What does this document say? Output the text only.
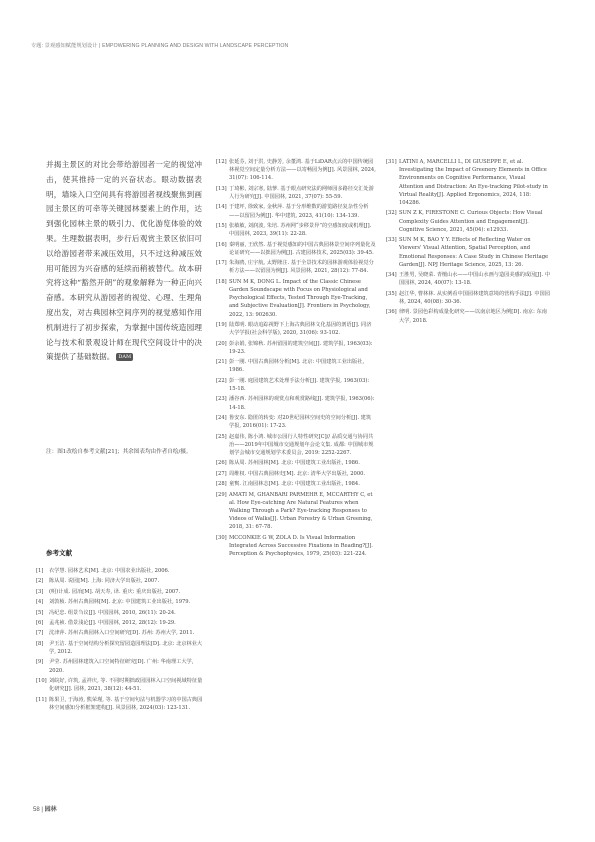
专题: 景观感知赋能规划设计 | EMPOWERING PLANNING AND DESIGN WITH LANDSCAPE PERCEPTION
并揭主景区的对比会带给游园者一定的视觉冲击，使其推持一定的兴奋状态。眼动数据表明，墙垛入口空间具有将游园者视线聚焦到画园主景区的可牵等关键园林要素上的作用，达到强化园林主景的吸引力、优化游览体验的效果。生理数据表明，步行后观赏主景区依旧可以给游园者带来减压效用，只不过这种减压效用可能因为兴奋感的延续而稍被替代。故本研究将这种“豁然开朗”的观象解释为一种正向兴奋感。本研究从游园者的视觉、心理、生理角度出发，对古典园林空间序列的视觉感知作用机制进行了初步探索，为掌握中国传统造园理论与技术和景观设计师在现代空间设计中的决策提供了基础数据。 DAM
注：图1改绘自参考文献[21]；其余图表均由作者自绘/摄。
参考文献
[1]	衣学慧. 园林艺术[M]. 北京: 中国农业出版社, 2006.
[2]	陈从周. 说园[M]. 上海: 同济大学出版社, 2007.
[3]	(明)计成. 园冶[M]. 胡天寿, 译. 重庆: 重庆出版社, 2007.
[4]	刘敦桢. 苏州古典园林[M]. 北京: 中国建筑工业出版社, 1979.
[5]	冯纪忠. 组景刍议[J]. 中国园林, 2010, 26(11): 20-24.
[6]	孟兆祯. 借景浅论[J]. 中国园林, 2012, 28(12): 19-29.
[7]	沈津萍. 苏州古典园林入口空间研究[D]. 苏州: 苏州大学, 2011.
[8]	尹玉洁. 基于空间结构分析探究留园造园理法[D]. 北京: 北京林业大学, 2012.
[9]	尹莹. 苏州园林建筑入口空间特征研究[D]. 广州: 华南理工大学, 2020.
[10] 刘皖好, 许筑, 孟祥庆, 等. 不同时期拙政园园林入口空间视域特征量化研究[J]. 园林, 2021, 38(12): 44-51.
[11] 陈果卫, 于海涛, 熊荣瑾, 等. 基于空间句法与机器学习的中国古典园林空间感知分析框架建构[J]. 风景园林, 2024(03): 123-131.
[12] 张延芬, 刘于洪, 史静芳, 余董鸿. 基于LiDAR点云的中国传统园林视觉空间定量分析方法——以寄畅园为例[J]. 风景园林, 2024, 31(07): 106-114.
[13] 丁琦彬, 刘宗寒, 陆蓼. 基于眼点研究法的网师园多路径交汇处游人行为研究[J]. 中国园林, 2021, 37(07): 55-59.
[14] 于建坪, 徐致家, 金秋萍. 基于分形维数的游览路径复杂性分析——以留园为例[J]. 华中建筑, 2023, 41(10): 134-139.
[15] 张敏敏, 刘润波, 朱培. 苏州网“步移景异”的空感知度或机理[J]. 中国园林, 2023, 39(11): 22-28.
[16] 秦明丽, 王欣然. 基于视觉感知的中国古典园林景空间序列量化及论证研究——以拙园为例[J]. 古建园林技术, 2025(03): 39-45.
[17] 朱海鸥, 庄宇航, 太野隆注. 基于全景技术的园林游观体验视觉分析方法——以留园为例[J]. 风景园林, 2021, 28(12): 77-84.
[18] SUN M K, DONG L. Impact of the Classic Chinese Garden Soundscape with Focus on Physiological and Psychological Effects, Tested Through Eye-Tracking, and Subjective Evaluation[J]. Frontiers in Psychology, 2022, 13: 902630.
[19] 陆郑明. 眼动追踪视野下上海古典园林文化基因的剖语[J]. 同济大学学报(社会科学版), 2020, 31(06): 93-102.
[20] 彭余娟, 张锦秋. 苏州留园的建筑空间[J]. 建筑学报, 1963(03): 19-23.
[21] 彭一刚. 中国古典园林分析[M]. 北京: 中国建筑工业出版社, 1986.
[22] 彭一刚. 庭园建筑艺术处理手法分析[J]. 建筑学报, 1963(03): 15-18.
[23] 潘谷西. 苏州园林的观赏点和观赏路线[J]. 建筑学报, 1963(06): 14-18.
[24] 鲁安东. 隐匿的转变: 对20世纪园林空间史的空间分析[J]. 建筑学报, 2016(01): 17-23.
[25] 赵嘉伟, 陈小鸿. 城市公园行人特性研究[C]// 品质交通与协同共治——2019年中国城市交通规划年会论文集. 成都: 中国城市规划学会城市交通规划学术委员会, 2019: 2252-2267.
[26] 陈从周. 苏州园林[M]. 北京: 中国建筑工业出版社, 1986.
[27] 周维权. 中国古典园林史[M]. 北京: 清华大学出版社, 2000.
[28] 童寯. 江南园林志[M]. 北京: 中国建筑工业出版社, 1984.
[29] AMATI M, GHANBARI PARMEHR E, MCCARTHY C, et al. How Eye-catching Are Natural Features when Walking Through a Park? Eye-tracking Responses to Videos of Walks[J]. Urban Forestry & Urban Greening, 2018, 31: 67-78.
[30] MCCONKIE G W, ZOLA D. Is Visual Information Integrated Across Successive Fixations in Reading?[J]. Perception & Psychophysics, 1979, 25(03): 221-224.
[31] LATINI A, MARCELLI L, DI GIUSEPPE E, et al. Investigating the Impact of Greenery Elements in Office Environments on Cognitive Performance, Visual Attention and Distraction: An Eye-tracking Pilot-study in Virtual Reality[J]. Applied Ergonomics, 2024, 118: 104286.
[32] SUN Z K, FIRESTONE C. Curious Objects: How Visual Complexity Guides Attention and Engagement[J]. Cognitive Science, 2021, 45(04): e12933.
[33] SUN M K, BAO Y Y. Effects of Reflecting Water on Viewers' Visual Attention, Spatial Perception, and Emotional Responses: A Case Study in Chinese Heritage Garden[J]. NPJ Heritage Science, 2025, 13: 26.
[34] 王胜男, 吴晓菜. 青檀山水——中国山水画与造园美感的成因[J]. 中国园林, 2024, 40(07): 13-18.
[35] 赵江华, 曹林林. 从实例看中国园林建筑意境的营构手法[J]. 中国园林, 2024, 40(08): 30-36.
[36] 律明. 景园色彩构成量化研究——以南京地区为例[D]. 南京: 东南大学, 2018.
58 | 园林
